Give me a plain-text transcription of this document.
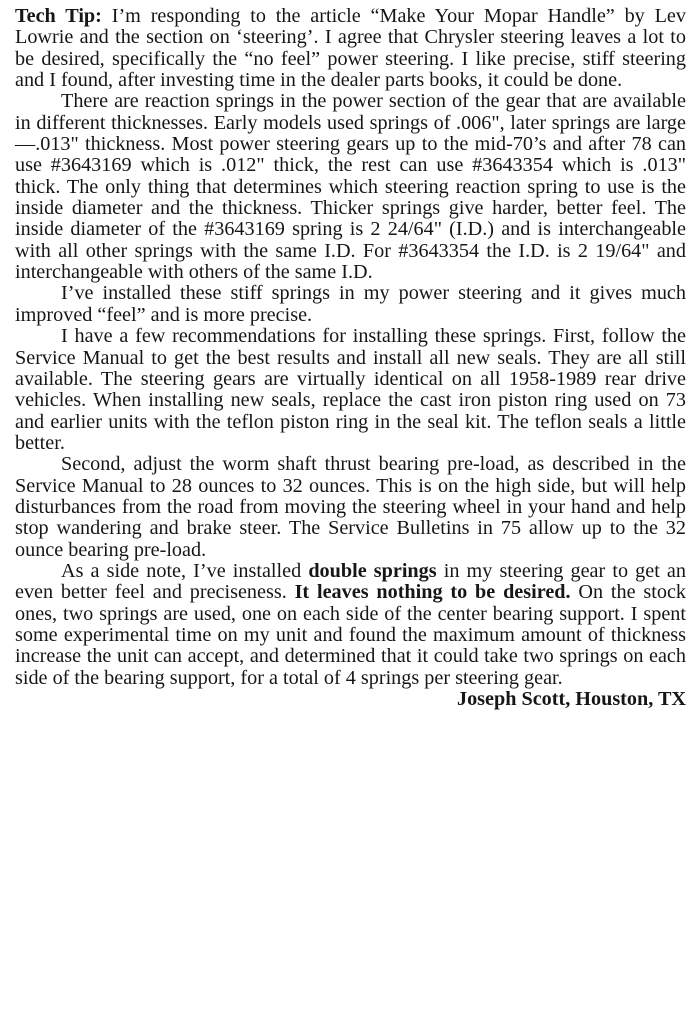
Tech Tip: I’m responding to the article “Make Your Mopar Handle” by Lev Lowrie and the section on ‘steering’. I agree that Chrysler steering leaves a lot to be desired, specifically the “no feel” power steering. I like precise, stiff steering and I found, after investing time in the dealer parts books, it could be done.

There are reaction springs in the power section of the gear that are available in different thicknesses. Early models used springs of .006", later springs are large—.013" thickness. Most power steering gears up to the mid-70’s and after 78 can use #3643169 which is .012" thick, the rest can use #3643354 which is .013" thick. The only thing that determines which steering reaction spring to use is the inside diameter and the thickness. Thicker springs give harder, better feel. The inside diameter of the #3643169 spring is 2 24/64" (I.D.) and is interchangeable with all other springs with the same I.D. For #3643354 the I.D. is 2 19/64" and interchangeable with others of the same I.D.

I’ve installed these stiff springs in my power steering and it gives much improved “feel” and is more precise.

I have a few recommendations for installing these springs. First, follow the Service Manual to get the best results and install all new seals. They are all still available. The steering gears are virtually identical on all 1958-1989 rear drive vehicles. When installing new seals, replace the cast iron piston ring used on 73 and earlier units with the teflon piston ring in the seal kit. The teflon seals a little better.

Second, adjust the worm shaft thrust bearing pre-load, as described in the Service Manual to 28 ounces to 32 ounces. This is on the high side, but will help disturbances from the road from moving the steering wheel in your hand and help stop wandering and brake steer. The Service Bulletins in 75 allow up to the 32 ounce bearing pre-load.

As a side note, I’ve installed double springs in my steering gear to get an even better feel and preciseness. It leaves nothing to be desired. On the stock ones, two springs are used, one on each side of the center bearing support. I spent some experimental time on my unit and found the maximum amount of thickness increase the unit can accept, and determined that it could take two springs on each side of the bearing support, for a total of 4 springs per steering gear.
Joseph Scott, Houston, TX
